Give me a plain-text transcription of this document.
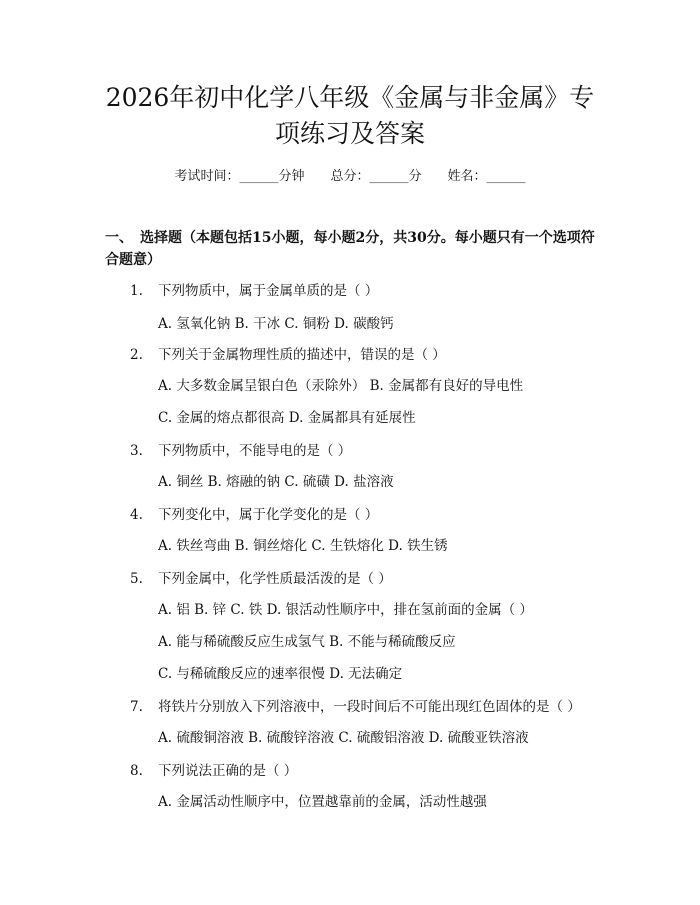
2026年初中化学八年级《金属与非金属》专
项练习及答案
考试时间：______分钟　　总分：______分　　姓名：______
一、　选择题（本题包括15小题，每小题2分，共30分。每小题只有一个选项符
合题意）
1. 下列物质中，属于金属单质的是（ ）
A. 氢氧化钠 B. 干冰 C. 铜粉 D. 碳酸钙
2. 下列关于金属物理性质的描述中，错误的是（ ）
A. 大多数金属呈银白色（汞除外） B. 金属都有良好的导电性
C. 金属的熔点都很高 D. 金属都具有延展性
3. 下列物质中，不能导电的是（ ）
A. 铜丝 B. 熔融的钠 C. 硫磺 D. 盐溶液
4. 下列变化中，属于化学变化的是（ ）
A. 铁丝弯曲 B. 铜丝熔化 C. 生铁熔化 D. 铁生锈
5. 下列金属中，化学性质最活泼的是（ ）
A. 铝 B. 锌 C. 铁 D. 银活动性顺序中，排在氢前面的金属（ ）
A. 能与稀硫酸反应生成氢气 B. 不能与稀硫酸反应
C. 与稀硫酸反应的速率很慢 D. 无法确定
7. 将铁片分别放入下列溶液中，一段时间后不可能出现红色固体的是（ ）
A. 硫酸铜溶液 B. 硫酸锌溶液 C. 硫酸铝溶液 D. 硫酸亚铁溶液
8. 下列说法正确的是（ ）
A. 金属活动性顺序中，位置越靠前的金属，活动性越强
